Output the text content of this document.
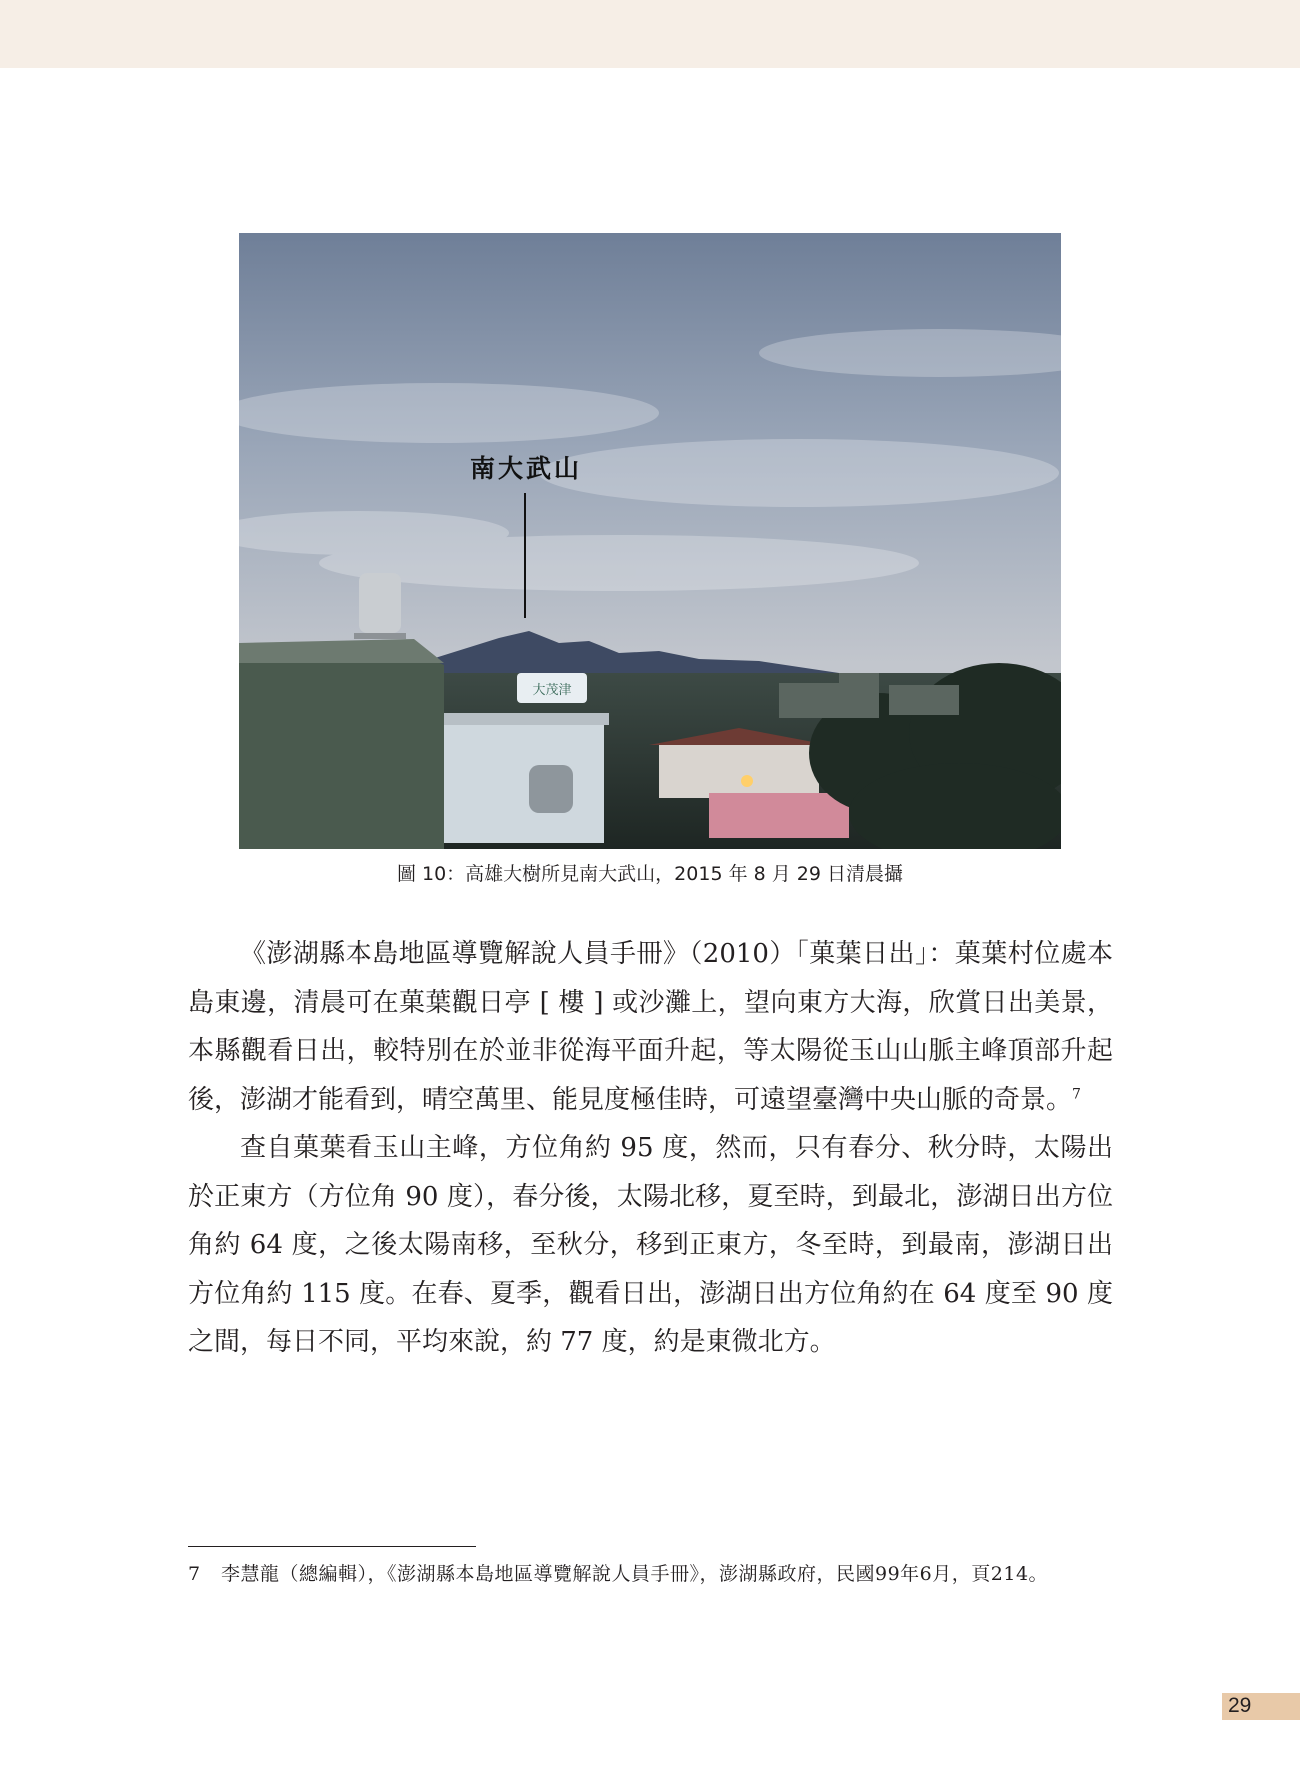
大茂津
南大武山
圖 10：高雄大樹所見南大武山，2015 年 8 月 29 日清晨攝

《澎湖縣本島地區導覽解說人員手冊》（2010）「菓葉日出」：菓葉村位處本島東邊，清晨可在菓葉觀日亭 [ 樓 ] 或沙灘上，望向東方大海，欣賞日出美景，本縣觀看日出，較特別在於並非從海平面升起，等太陽從玉山山脈主峰頂部升起後，澎湖才能看到，晴空萬里、能見度極佳時，可遠望臺灣中央山脈的奇景。$^7$

查自菓葉看玉山主峰，方位角約 95 度，然而，只有春分、秋分時，太陽出於正東方（方位角 90 度），春分後，太陽北移，夏至時，到最北，澎湖日出方位角約 64 度，之後太陽南移，至秋分，移到正東方，冬至時，到最南，澎湖日出方位角約 115 度。在春、夏季，觀看日出，澎湖日出方位角約在 64 度至 90 度之間，每日不同，平均來說，約 77 度，約是東微北方。

7 李慧龍（總編輯），《澎湖縣本島地區導覽解說人員手冊》，澎湖縣政府，民國99年6月，頁214。
29
